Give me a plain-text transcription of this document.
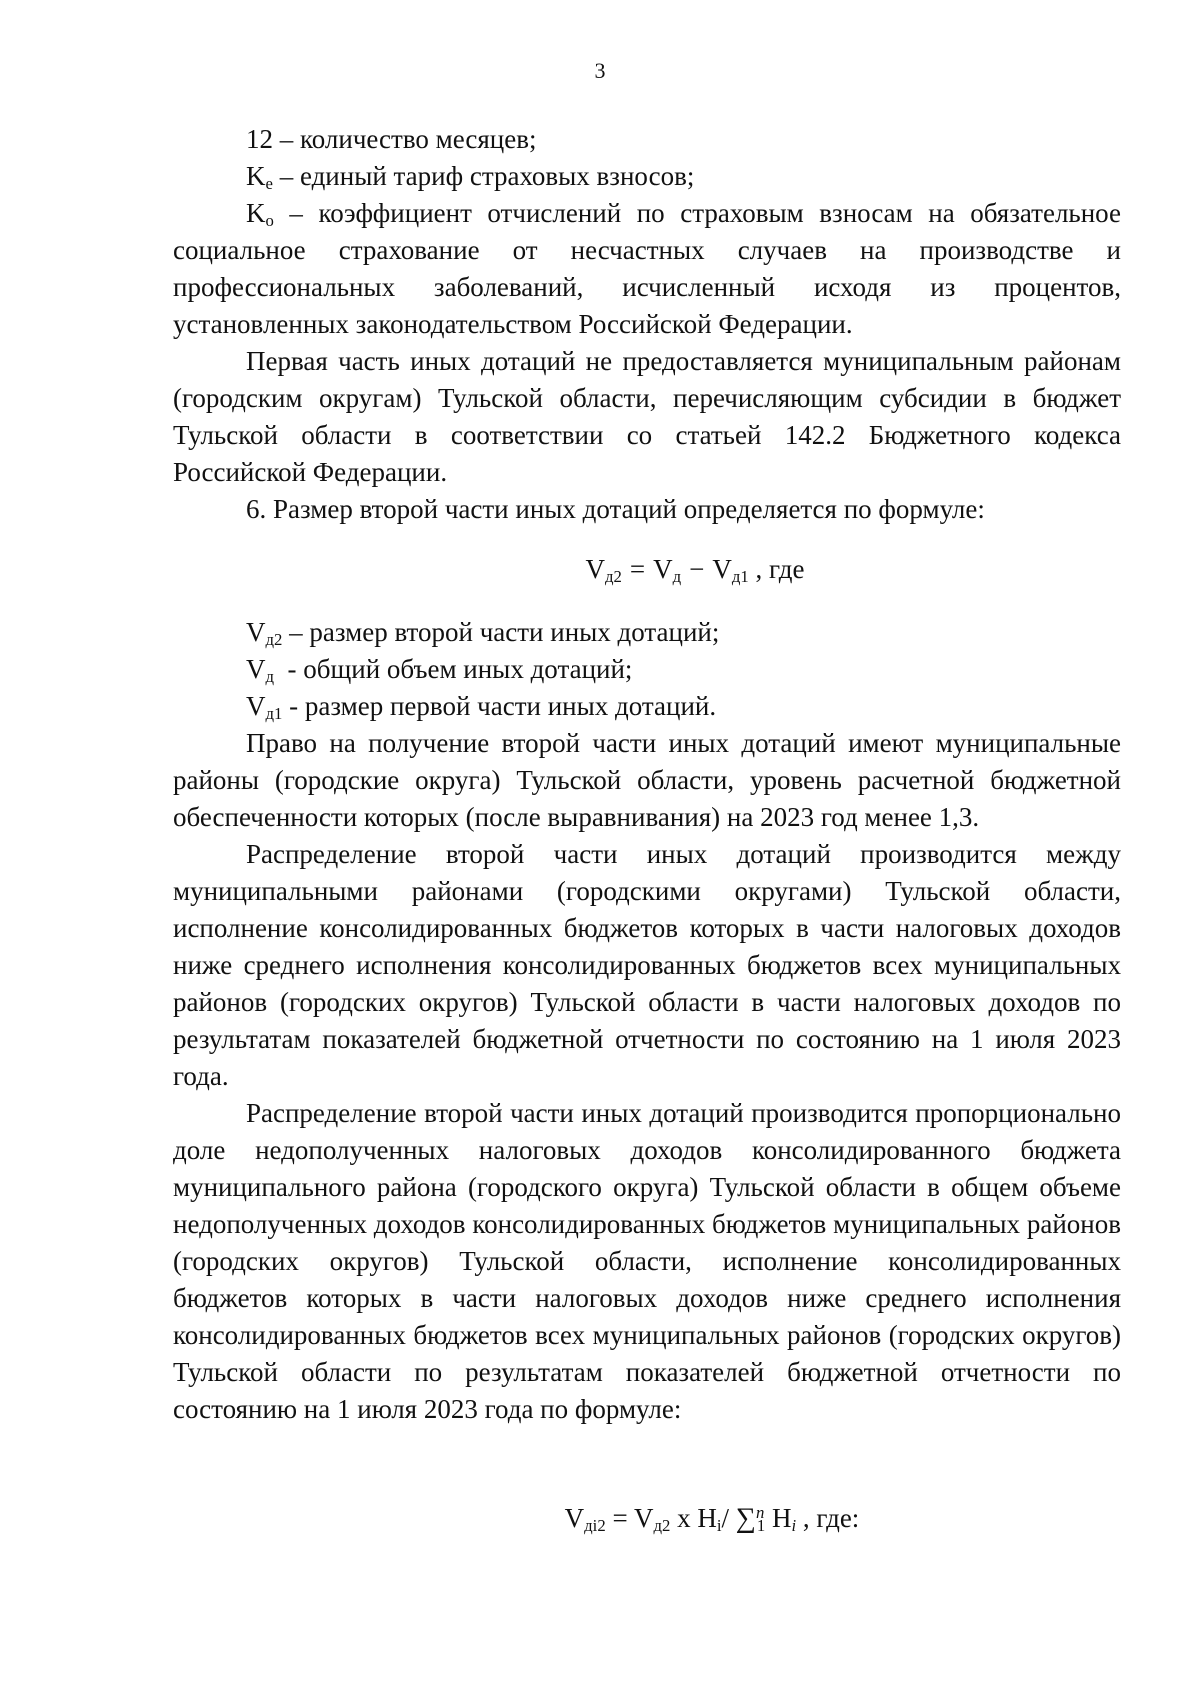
3

12 – количество месяцев;

$K_е$ – единый тариф страховых взносов;

$K_о$ – коэффициент отчислений по страховым взносам на обязательное социальное страхование от несчастных случаев на производстве и профессиональных заболеваний, исчисленный исходя из процентов, установленных законодательством Российской Федерации.

Первая часть иных дотаций не предоставляется муниципальным районам (городским округам) Тульской области, перечисляющим субсидии в бюджет Тульской области в соответствии со статьей 142.2 Бюджетного кодекса Российской Федерации.

6. Размер второй части иных дотаций определяется по формуле:

$V_{д2} = V_д - V_{д1}$ , где

$V_{д2}$ – размер второй части иных дотаций;

$V_д$  - общий объем иных дотаций;

$V_{д1}$ - размер первой части иных дотаций.

Право на получение второй части иных дотаций имеют муниципальные районы (городские округа) Тульской области, уровень расчетной бюджетной обеспеченности которых (после выравнивания) на 2023 год менее 1,3.

Распределение второй части иных дотаций производится между муниципальными районами (городскими округами) Тульской области, исполнение консолидированных бюджетов которых в части налоговых доходов ниже среднего исполнения консолидированных бюджетов всех муниципальных районов (городских округов) Тульской области в части налоговых доходов по результатам показателей бюджетной отчетности по состоянию на 1 июля 2023 года.

Распределение второй части иных дотаций производится пропорционально доле недополученных налоговых доходов консолидированного бюджета муниципального района (городского округа) Тульской области в общем объеме недополученных доходов консолидированных бюджетов муниципальных районов (городских округов) Тульской области, исполнение консолидированных бюджетов которых в части налоговых доходов ниже среднего исполнения консолидированных бюджетов всех муниципальных районов (городских округов) Тульской области по результатам показателей бюджетной отчетности по состоянию на 1 июля 2023 года по формуле:

$V_{дi2} = V_{д2}$ x $H_i/$ ∑$^n_1$ $H_i$ , где:
